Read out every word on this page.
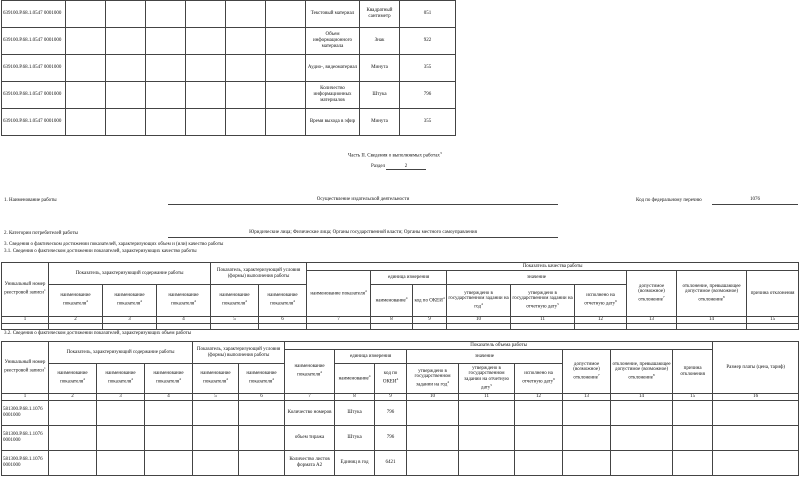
639100.Р.68.1.0547 0001000							Текстовый материал	Квадратный сантиметр	051
639100.Р.68.1.0547 0001000							Объем информационного материала	Знак	922
639100.Р.68.1.0547 0001000							Аудио-, видеоматериал	Минута	355
639100.Р.68.1.0547 0001000							Количество информационных материалов	Штука	796
639100.Р.68.1.0547 0001000							Время выхода в эфир	Минута	355
Часть II. Сведения о выполняемых работах$^3$
Раздел	2
1. Наименование работы	Осуществление издательской деятельности	Код по федеральному перечню	1076
2. Категории потребителей работы	Юридические лица; Физические лица; Органы государственной власти; Органы местного самоуправления
3. Сведения о фактическом достижении показателей, характеризующих объем и (или) качество работы
3.1. Сведения о фактическом достижении показателей, характеризующих качество работы
Уникальный номер реестровой записи$^1$	Показатель, характеризующий содержание работы			Показатель, характеризующий условия (формы) выполнения работы		Показатель качества работы								
						наименование показателя$^4$	единица измерения		значение			допустимое (возможное) отклонение$^7$	отклонение, превышающее допустимое (возможное) отклонение$^8$	причина отклонения
	наименование показателя$^4$	наименование показателя$^4$	наименование показателя$^4$	наименование показателя$^4$	наименование показателя$^4$		наименование$^4$	код по ОКЕИ$^4$	утверждено в государственном задании на год$^4$	утверждено в государственном задании на отчетную дату$^5$	исполнено на отчетную дату$^6$
1	2	3	4	5	6	7	8	9	10	11	12	13	14	15

3.2. Сведения о фактическом достижении показателей, характеризующих объем работы
Уникальный номер реестровой записи$^1$	Показатель, характеризующий содержание работы			Показатель, характеризующий условия (формы) выполнения работы		Показатель объема работы									Размер платы (цена, тариф)
						наименование показателя$^4$	единица измерения		значение			допустимое (возможное) отклонение$^7$	отклонение, превышающее допустимое (возможное) отклонение$^8$	причина отклонения	
	наименование показателя$^4$	наименование показателя$^4$	наименование показателя$^4$	наименование показателя$^4$	наименование показателя$^4$		наименование$^4$	код по ОКЕИ$^4$	утверждено в государственном задании на год$^4$	утверждено в государственном задании на отчетную дату$^5$	исполнено на отчетную дату$^6$
1	2	3	4	5	6	7	8	9	10	11	12	13	14	15	16
581300.Р.68.1.1076 0001000						Количество номеров	Штука	796							
581300.Р.68.1.1076 0001000						объем тиража	Штука	796							
581300.Р.68.1.1076 0001000						Количество листов формата А2	Единиц в год	6421							
